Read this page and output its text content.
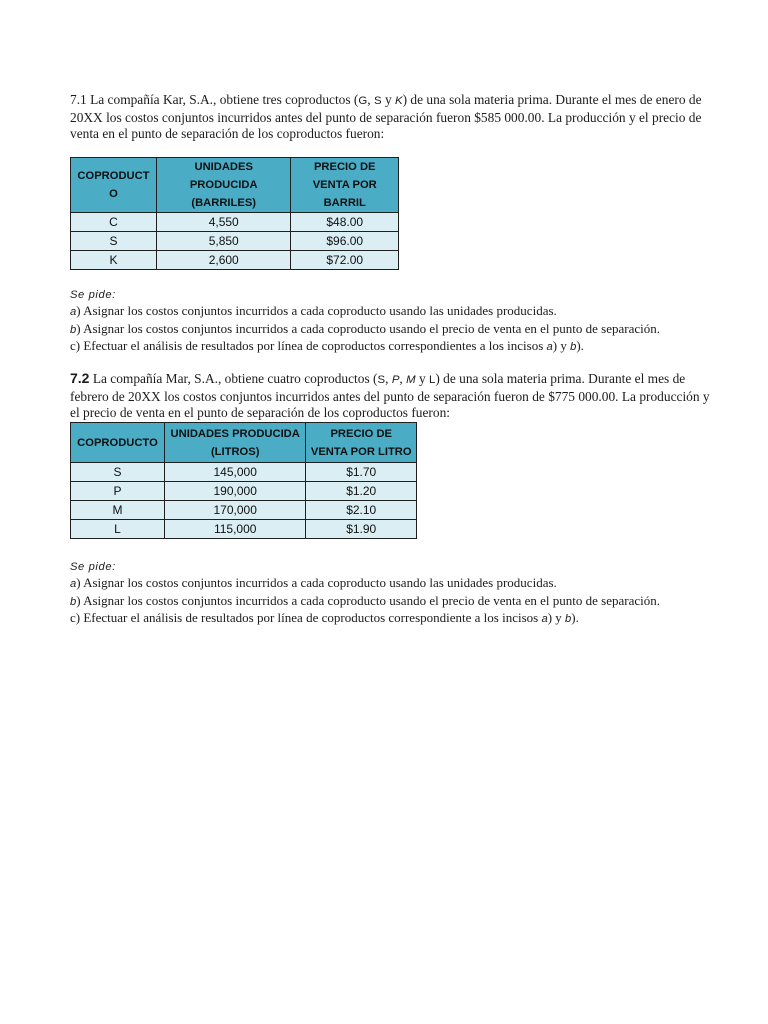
7.1 La compañía Kar, S.A., obtiene tres coproductos (G, S y K) de una sola materia prima. Durante el mes de enero de 20XX los costos conjuntos incurridos antes del punto de separación fueron $585 000.00. La producción y el precio de venta en el punto de separación de los coproductos fueron:

COPRODUCT O	UNIDADES PRODUCIDA (BARRILES)	PRECIO DE VENTA POR BARRIL
C	4,550	$48.00
S	5,850	$96.00
K	2,600	$72.00
Se pide:
a) Asignar los costos conjuntos incurridos a cada coproducto usando las unidades producidas.
b) Asignar los costos conjuntos incurridos a cada coproducto usando el precio de venta en el punto de separación.
c) Efectuar el análisis de resultados por línea de coproductos correspondientes a los incisos a) y b).

7.2 La compañía Mar, S.A., obtiene cuatro coproductos (S, P, M y L) de una sola materia prima. Durante el mes de febrero de 20XX los costos conjuntos incurridos antes del punto de separación fueron de $775 000.00. La producción y el precio de venta en el punto de separación de los coproductos fueron:

COPRODUCTO	UNIDADES PRODUCIDA (LITROS)	PRECIO DE VENTA POR LITRO
S	145,000	$1.70
P	190,000	$1.20
M	170,000	$2.10
L	115,000	$1.90
Se pide:
a) Asignar los costos conjuntos incurridos a cada coproducto usando las unidades producidas.
b) Asignar los costos conjuntos incurridos a cada coproducto usando el precio de venta en el punto de separación.
c) Efectuar el análisis de resultados por línea de coproductos correspondiente a los incisos a) y b).
